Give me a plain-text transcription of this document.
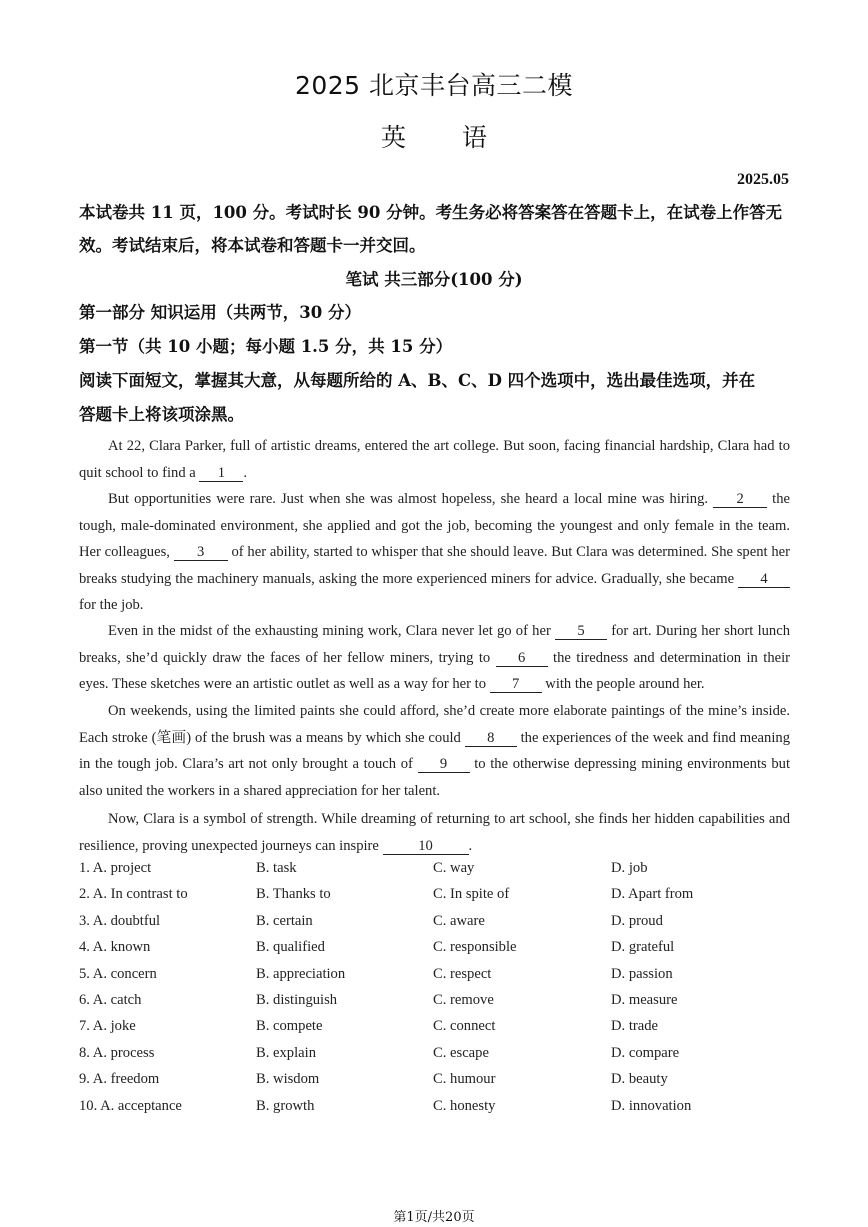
2025 北京丰台高三二模
英 语
2025.05
本试卷共 11 页，100 分。考试时长 90 分钟。考生务必将答案答在答题卡上，在试卷上作答无
效。考试结束后，将本试卷和答题卡一并交回。
笔试 共三部分(100 分)
第一部分 知识运用（共两节，30 分）
第一节（共 10 小题；每小题 1.5 分，共 15 分）
阅读下面短文，掌握其大意，从每题所给的 A、B、C、D 四个选项中，选出最佳选项，并在
答题卡上将该项涂黑。
At 22, Clara Parker, full of artistic dreams, entered the art college. But soon, facing financial hardship, Clara had to quit school to find a 1 .
But opportunities were rare. Just when she was almost hopeless, she heard a local mine was hiring. 2 the tough, male-dominated environment, she applied and got the job, becoming the youngest and only female in the team. Her colleagues, 3 of her ability, started to whisper that she should leave. But Clara was determined. She spent her breaks studying the machinery manuals, asking the more experienced miners for advice. Gradually, she became 4 for the job.
Even in the midst of the exhausting mining work, Clara never let go of her 5 for art. During her short lunch breaks, she’d quickly draw the faces of her fellow miners, trying to 6 the tiredness and determination in their eyes. These sketches were an artistic outlet as well as a way for her to 7 with the people around her.
On weekends, using the limited paints she could afford, she’d create more elaborate paintings of the mine’s inside. Each stroke (笔画) of the brush was a means by which she could 8 the experiences of the week and find meaning in the tough job. Clara’s art not only brought a touch of 9 to the otherwise depressing mining environments but also united the workers in a shared appreciation for her talent.
Now, Clara is a symbol of strength. While dreaming of returning to art school, she finds her hidden capabilities and resilience, proving unexpected journeys can inspire 10 .
1. A. project	B. task	C. way	D. job
2. A. In contrast to	B. Thanks to	C. In spite of	D. Apart from
3. A. doubtful	B. certain	C. aware	D. proud
4. A. known	B. qualified	C. responsible	D. grateful
5. A. concern	B. appreciation	C. respect	D. passion
6. A. catch	B. distinguish	C. remove	D. measure
7. A. joke	B. compete	C. connect	D. trade
8. A. process	B. explain	C. escape	D. compare
9. A. freedom	B. wisdom	C. humour	D. beauty
10. A. acceptance	B. growth	C. honesty	D. innovation
第1页/共20页
